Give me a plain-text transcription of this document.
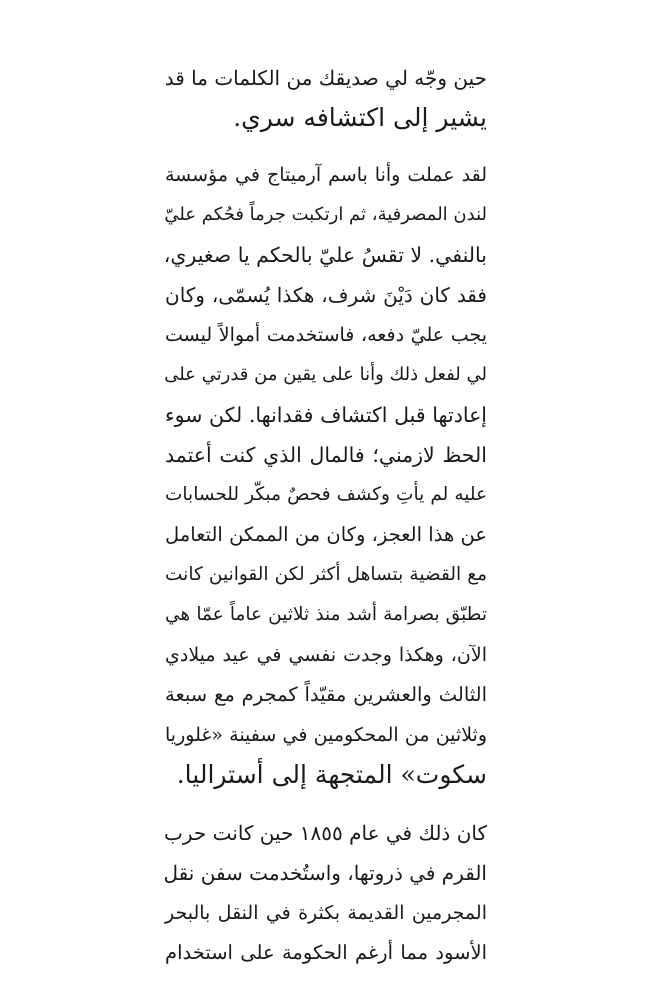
حين وجّه لي صديقك من الكلمات ما قد
يشير إلى اكتشافه سري.
لقد عملت وأنا باسم آرميتاج في مؤسسة
لندن المصرفية، ثم ارتكبت جرماً فحُكم عليّ
بالنفي. لا تقسُ عليّ بالحكم يا صغيري،
فقد كان دَيْنَ شرف، هكذا يُسمّى، وكان
يجب عليّ دفعه، فاستخدمت أموالاً ليست
لي لفعل ذلك وأنا على يقين من قدرتي على
إعادتها قبل اكتشاف فقدانها. لكن سوء
الحظ لازمني؛ فالمال الذي كنت أعتمد
عليه لم يأتِ وكشف فحصٌ مبكّر للحسابات
عن هذا العجز، وكان من الممكن التعامل
مع القضية بتساهل أكثر لكن القوانين كانت
تطبّق بصرامة أشد منذ ثلاثين عاماً عمّا هي
الآن، وهكذا وجدت نفسي في عيد ميلادي
الثالث والعشرين مقيّداً كمجرم مع سبعة
وثلاثين من المحكومين في سفينة «غلوريا
سكوت» المتجهة إلى أستراليا.
كان ذلك في عام ١٨٥٥ حين كانت حرب
القرم في ذروتها، واستُخدمت سفن نقل
المجرمين القديمة بكثرة في النقل بالبحر
الأسود مما أرغم الحكومة على استخدام
